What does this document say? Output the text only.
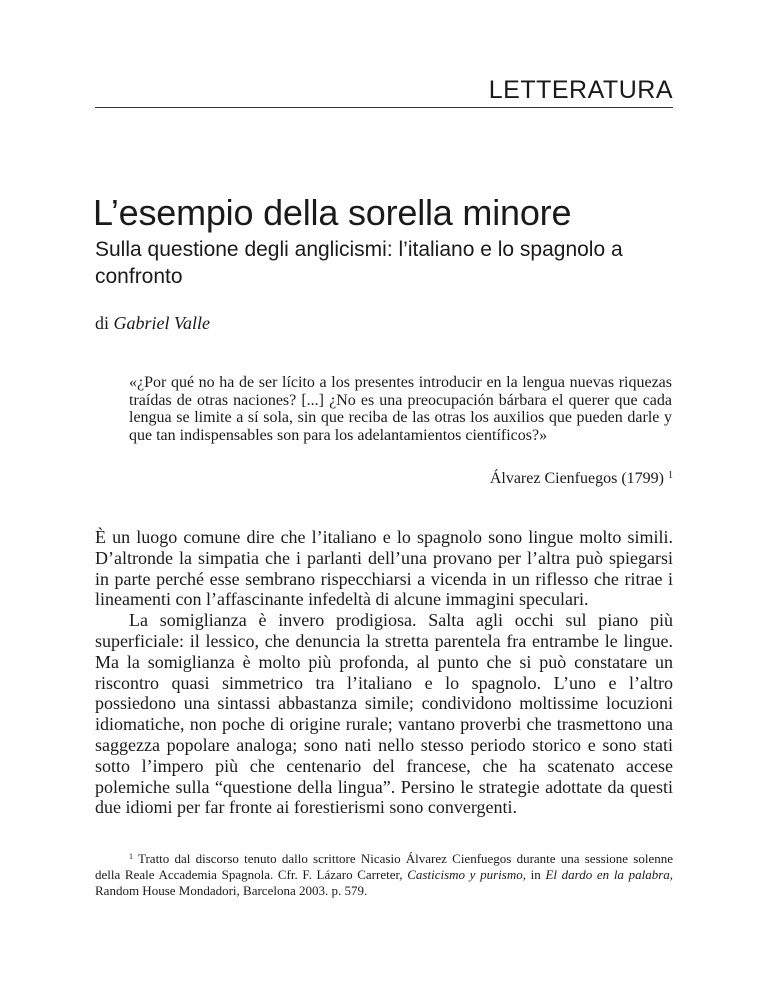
LETTERATURA
L’esempio della sorella minore
Sulla questione degli anglicismi: l’italiano e lo spagnolo a confronto

di Gabriel Valle

«¿Por qué no ha de ser lícito a los presentes introducir en la lengua nuevas riquezas traídas de otras naciones? [...] ¿No es una preocupación bárbara el querer que cada lengua se limite a sí sola, sin que reciba de las otras los auxilios que pueden darle y que tan indispensables son para los adelantamientos científicos?»

Álvarez Cienfuegos (1799) $^1$

È un luogo comune dire che l’italiano e lo spagnolo sono lingue molto simili. D’altronde la simpatia che i parlanti dell’una provano per l’altra può spiegarsi in parte perché esse sembrano rispecchiarsi a vicenda in un riflesso che ritrae i lineamenti con l’affascinante infedeltà di alcune immagini speculari.

La somiglianza è invero prodigiosa. Salta agli occhi sul piano più superficiale: il lessico, che denuncia la stretta parentela fra entrambe le lingue. Ma la somiglianza è molto più profonda, al punto che si può constatare un riscontro quasi simmetrico tra l’italiano e lo spagnolo. L’uno e l’altro possiedono una sintassi abbastanza simile; condividono moltissime locuzioni idiomatiche, non poche di origine rurale; vantano proverbi che trasmettono una saggezza popolare analoga; sono nati nello stesso periodo storico e sono stati sotto l’impero più che centenario del francese, che ha scatenato accese polemiche sulla “questione della lingua”. Persino le strategie adottate da questi due idiomi per far fronte ai forestierismi sono convergenti.

$^1$ Tratto dal discorso tenuto dallo scrittore Nicasio Álvarez Cienfuegos durante una sessione solenne della Reale Accademia Spagnola. Cfr. F. Lázaro Carreter, Casticismo y purismo, in El dardo en la palabra, Random House Mondadori, Barcelona 2003. p. 579.
